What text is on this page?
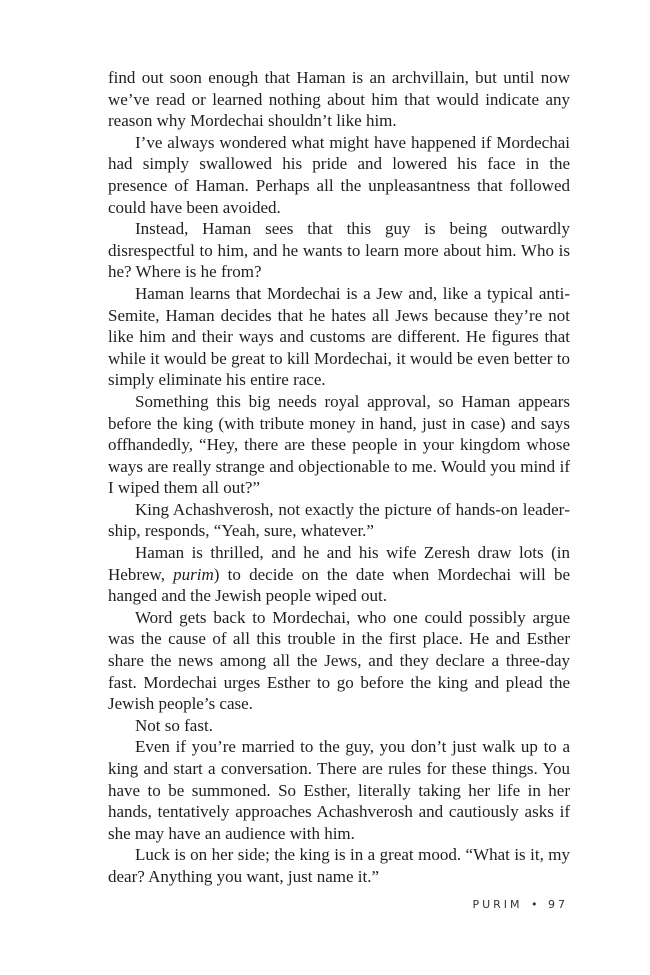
find out soon enough that Haman is an archvillain, but until now we’ve read or learned nothing about him that would indicate any reason why Mordechai shouldn’t like him.

I’ve always wondered what might have happened if Mordechai had simply swallowed his pride and lowered his face in the presence of Haman. Perhaps all the unpleasantness that followed could have been avoided.

Instead, Haman sees that this guy is being outwardly disrespectful to him, and he wants to learn more about him. Who is he? Where is he from?

Haman learns that Mordechai is a Jew and, like a typical anti-Semite, Haman decides that he hates all Jews because they’re not like him and their ways and customs are different. He figures that while it would be great to kill Mordechai, it would be even better to simply eliminate his entire race.

Something this big needs royal approval, so Haman appears before the king (with tribute money in hand, just in case) and says offhandedly, “Hey, there are these people in your kingdom whose ways are really strange and objectionable to me. Would you mind if I wiped them all out?”

King Achashverosh, not exactly the picture of hands-on leadership, responds, “Yeah, sure, whatever.”

Haman is thrilled, and he and his wife Zeresh draw lots (in Hebrew, purim) to decide on the date when Mordechai will be hanged and the Jewish people wiped out.

Word gets back to Mordechai, who one could possibly argue was the cause of all this trouble in the first place. He and Esther share the news among all the Jews, and they declare a three-day fast. Mordechai urges Esther to go before the king and plead the Jewish people’s case.

Not so fast.

Even if you’re married to the guy, you don’t just walk up to a king and start a conversation. There are rules for these things. You have to be summoned. So Esther, literally taking her life in her hands, tentatively approaches Achashverosh and cautiously asks if she may have an audience with him.

Luck is on her side; the king is in a great mood. “What is it, my dear? Anything you want, just name it.”

PURIM • 97
